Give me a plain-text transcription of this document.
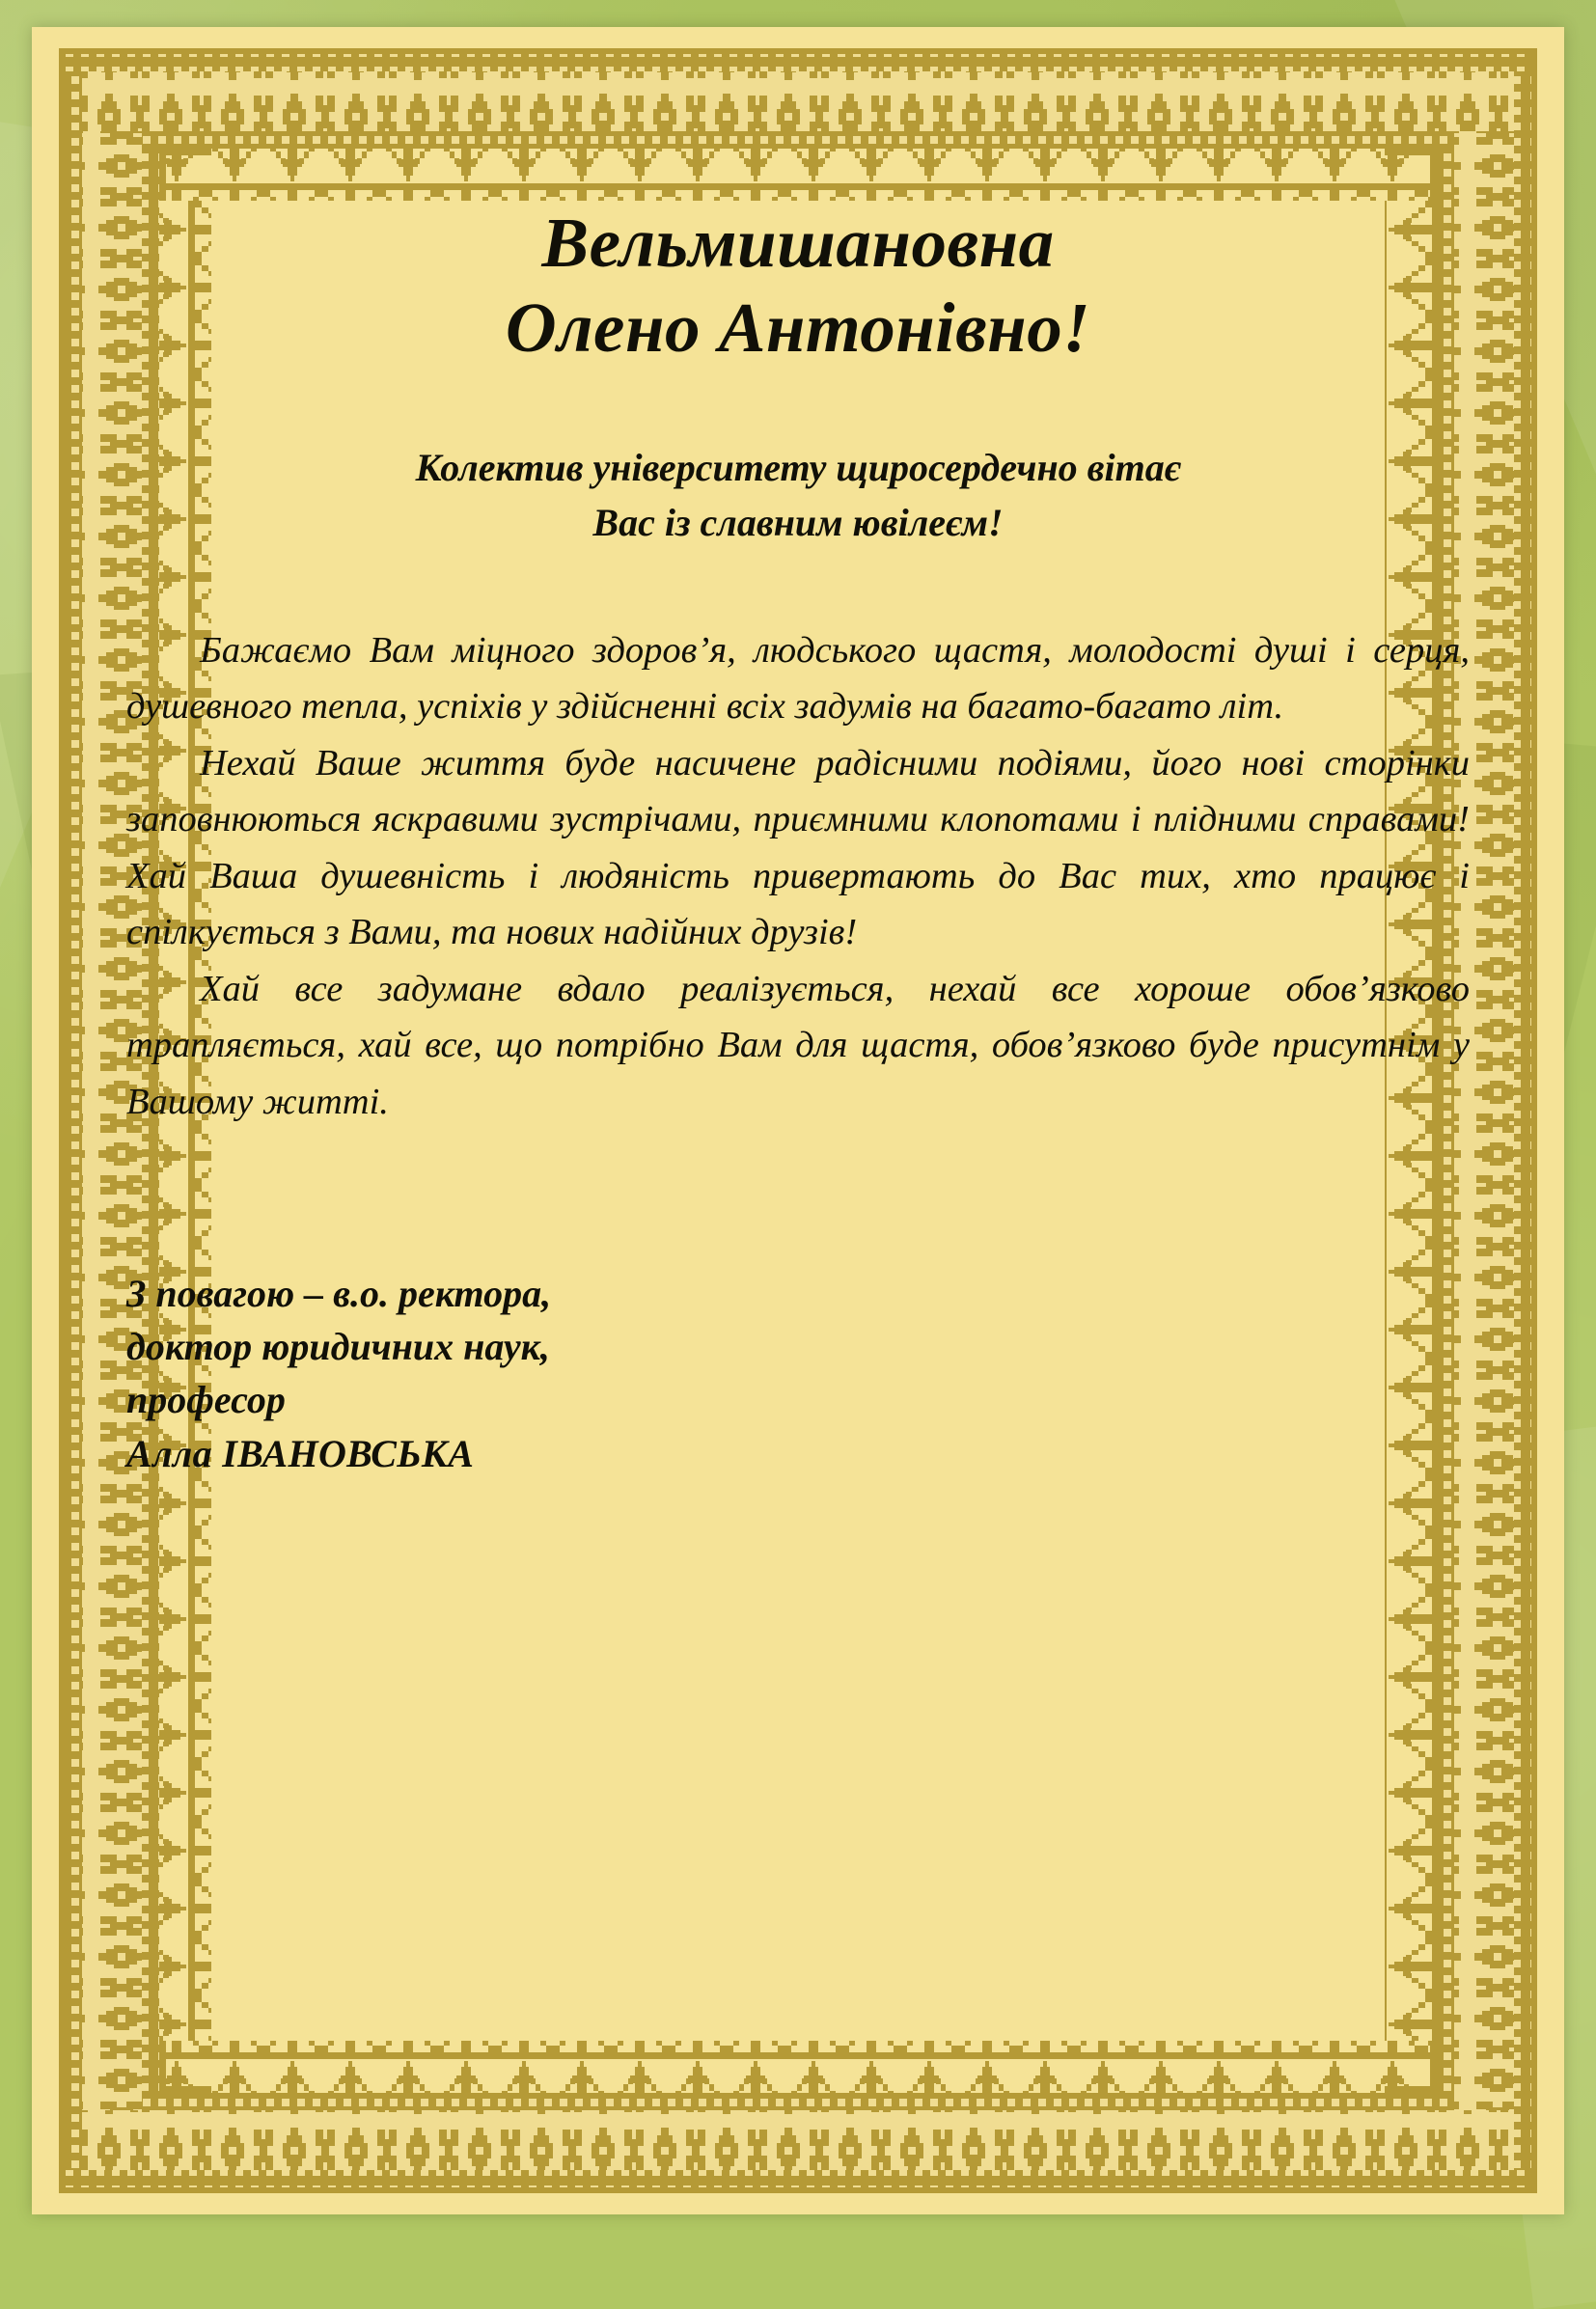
Вельмишановна
Олено Антонівно!
Колектив університету щиросердечно вітає
Вас із славним ювілеєм!

Бажаємо Вам міцного здоров’я, людського щастя, молодості душі і серця, душевного тепла, успіхів у здійсненні всіх задумів на багато-багато літ.

Нехай Ваше життя буде насичене радісними подіями, його нові сторінки заповнюються яскравими зустрічами, приємними клопотами і плідними справами! Хай Ваша душевність і людяність привертають до Вас тих, хто працює і спілкується з Вами, та нових надійних друзів!

Хай все задумане вдало реалізується, нехай все хороше обов’язково трапляється, хай все, що потрібно Вам для щастя, обов’язково буде присутнім у Вашому житті.

З повагою – в.о. ректора,
доктор юридичних наук,
професор
Алла ІВАНОВСЬКА
